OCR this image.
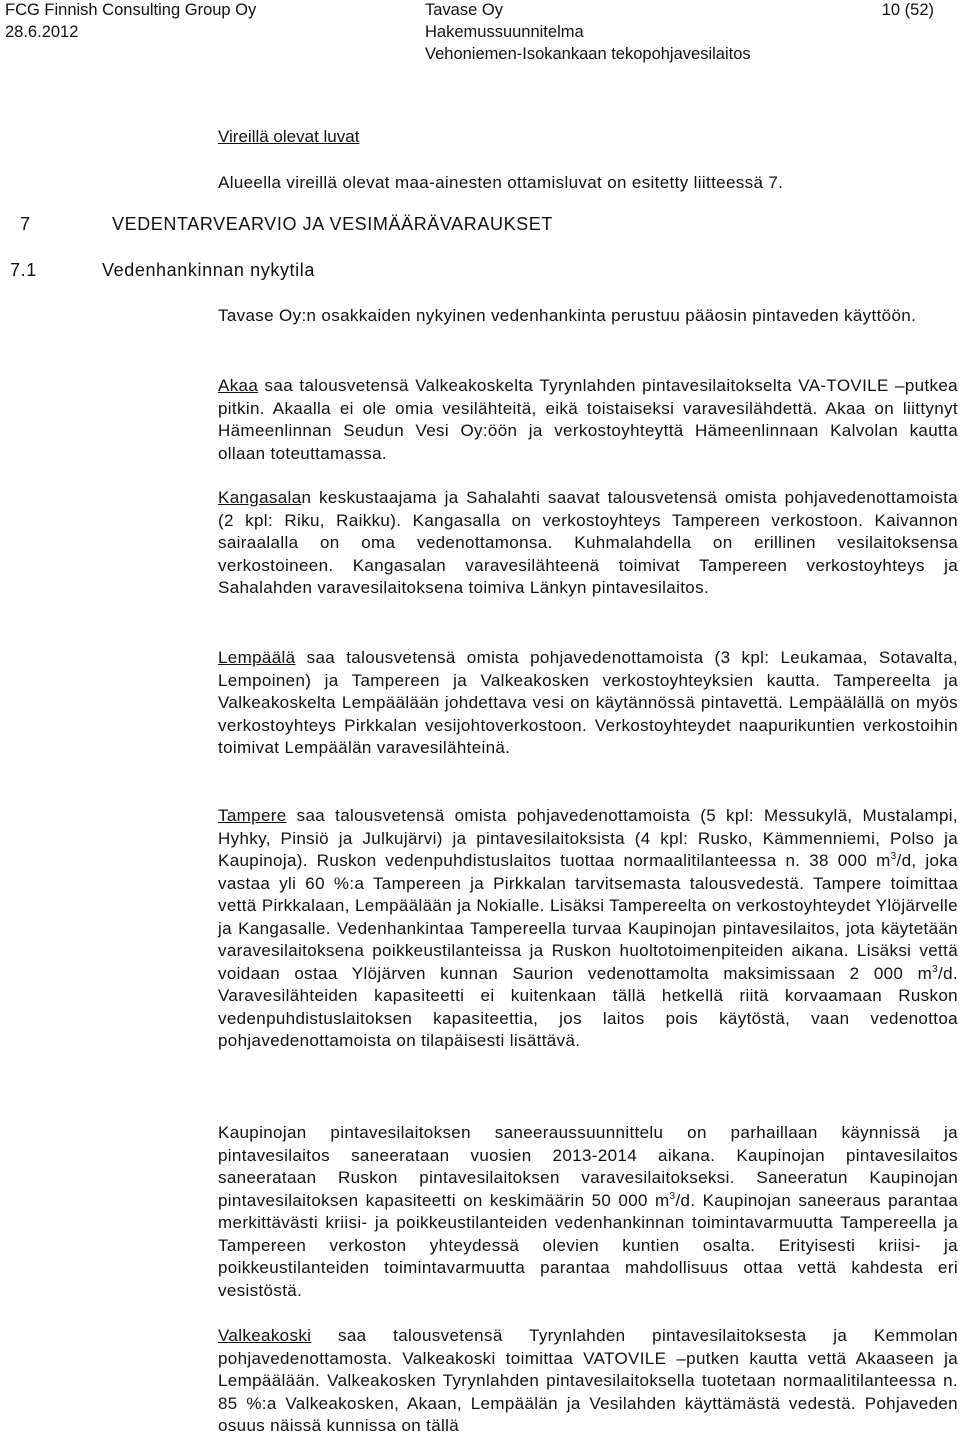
FCG Finnish Consulting Group Oy
28.6.2012
Tavase Oy
Hakemussuunnitelma
Vehoniemen-Isokankaan tekopohjavesilaitos
10 (52)
Vireillä olevat luvat

Alueella vireillä olevat maa-ainesten ottamisluvat on esitetty liitteessä 7.

7	VEDENTARVEARVIO JA VESIMÄÄRÄVARAUKSET
7.1	Vedenhankinnan nykytila

Tavase Oy:n osakkaiden nykyinen vedenhankinta perustuu pääosin pintaveden käyttöön.

Akaa saa talousvetensä Valkeakoskelta Tyrynlahden pintavesilaitokselta VA-TOVILE –putkea pitkin. Akaalla ei ole omia vesilähteitä, eikä toistaiseksi varavesilähdettä. Akaa on liittynyt Hämeenlinnan Seudun Vesi Oy:öön ja verkostoyhteyttä Hämeenlinnaan Kalvolan kautta ollaan toteuttamassa.

Kangasalan keskustaajama ja Sahalahti saavat talousvetensä omista pohjavedenottamoista (2 kpl: Riku, Raikku). Kangasalla on verkostoyhteys Tampereen verkostoon. Kaivannon sairaalalla on oma vedenottamonsa. Kuhmalahdella on erillinen vesilaitoksensa verkostoineen. Kangasalan varavesilähteenä toimivat Tampereen verkostoyhteys ja Sahalahden varavesilaitoksena toimiva Länkyn pintavesilaitos.

Lempäälä saa talousvetensä omista pohjavedenottamoista (3 kpl: Leukamaa, Sotavalta, Lempoinen) ja Tampereen ja Valkeakosken verkostoyhteyksien kautta. Tampereelta ja Valkeakoskelta Lempäälään johdettava vesi on käytännössä pintavettä. Lempäälällä on myös verkostoyhteys Pirkkalan vesijohtoverkostoon. Verkostoyhteydet naapurikuntien verkostoihin toimivat Lempäälän varavesilähteinä.

Tampere saa talousvetensä omista pohjavedenottamoista (5 kpl: Messukylä, Mustalampi, Hyhky, Pinsiö ja Julkujärvi) ja pintavesilaitoksista (4 kpl: Rusko, Kämmenniemi, Polso ja Kaupinoja). Ruskon vedenpuhdistuslaitos tuottaa normaalitilanteessa n. 38 000 $m^3/d$, joka vastaa yli 60 %:a Tampereen ja Pirkkalan tarvitsemasta talousvedestä. Tampere toimittaa vettä Pirkkalaan, Lempäälään ja Nokialle. Lisäksi Tampereelta on verkostoyhteydet Ylöjärvelle ja Kangasalle. Vedenhankintaa Tampereella turvaa Kaupinojan pintavesilaitos, jota käytetään varavesilaitoksena poikkeustilanteissa ja Ruskon huoltotoimenpiteiden aikana. Lisäksi vettä voidaan ostaa Ylöjärven kunnan Saurion vedenottamolta maksimissaan 2 000 $m^3/d$. Varavesilähteiden kapasiteetti ei kuitenkaan tällä hetkellä riitä korvaamaan Ruskon vedenpuhdistuslaitoksen kapasiteettia, jos laitos pois käytöstä, vaan vedenottoa pohjavedenottamoista on tilapäisesti lisättävä.

Kaupinojan pintavesilaitoksen saneeraussuunnittelu on parhaillaan käynnissä ja pintavesilaitos saneerataan vuosien 2013-2014 aikana. Kaupinojan pintavesilaitos saneerataan Ruskon pintavesilaitoksen varavesilaitokseksi. Saneeratun Kaupinojan pintavesilaitoksen kapasiteetti on keskimäärin 50 000 $m^3/d$. Kaupinojan saneeraus parantaa merkittävästi kriisi- ja poikkeustilanteiden vedenhankinnan toimintavarmuutta Tampereella ja Tampereen verkoston yhteydessä olevien kuntien osalta. Erityisesti kriisi- ja poikkeustilanteiden toimintavarmuutta parantaa mahdollisuus ottaa vettä kahdesta eri vesistöstä.

Valkeakoski saa talousvetensä Tyrynlahden pintavesilaitoksesta ja Kemmolan pohjavedenottamosta. Valkeakoski toimittaa VATOVILE –putken kautta vettä Akaaseen ja Lempäälään. Valkeakosken Tyrynlahden pintavesilaitoksella tuotetaan normaalitilanteessa n. 85 %:a Valkeakosken, Akaan, Lempäälän ja Vesilahden käyttämästä vedestä. Pohjaveden osuus näissä kunnissa on tällä
